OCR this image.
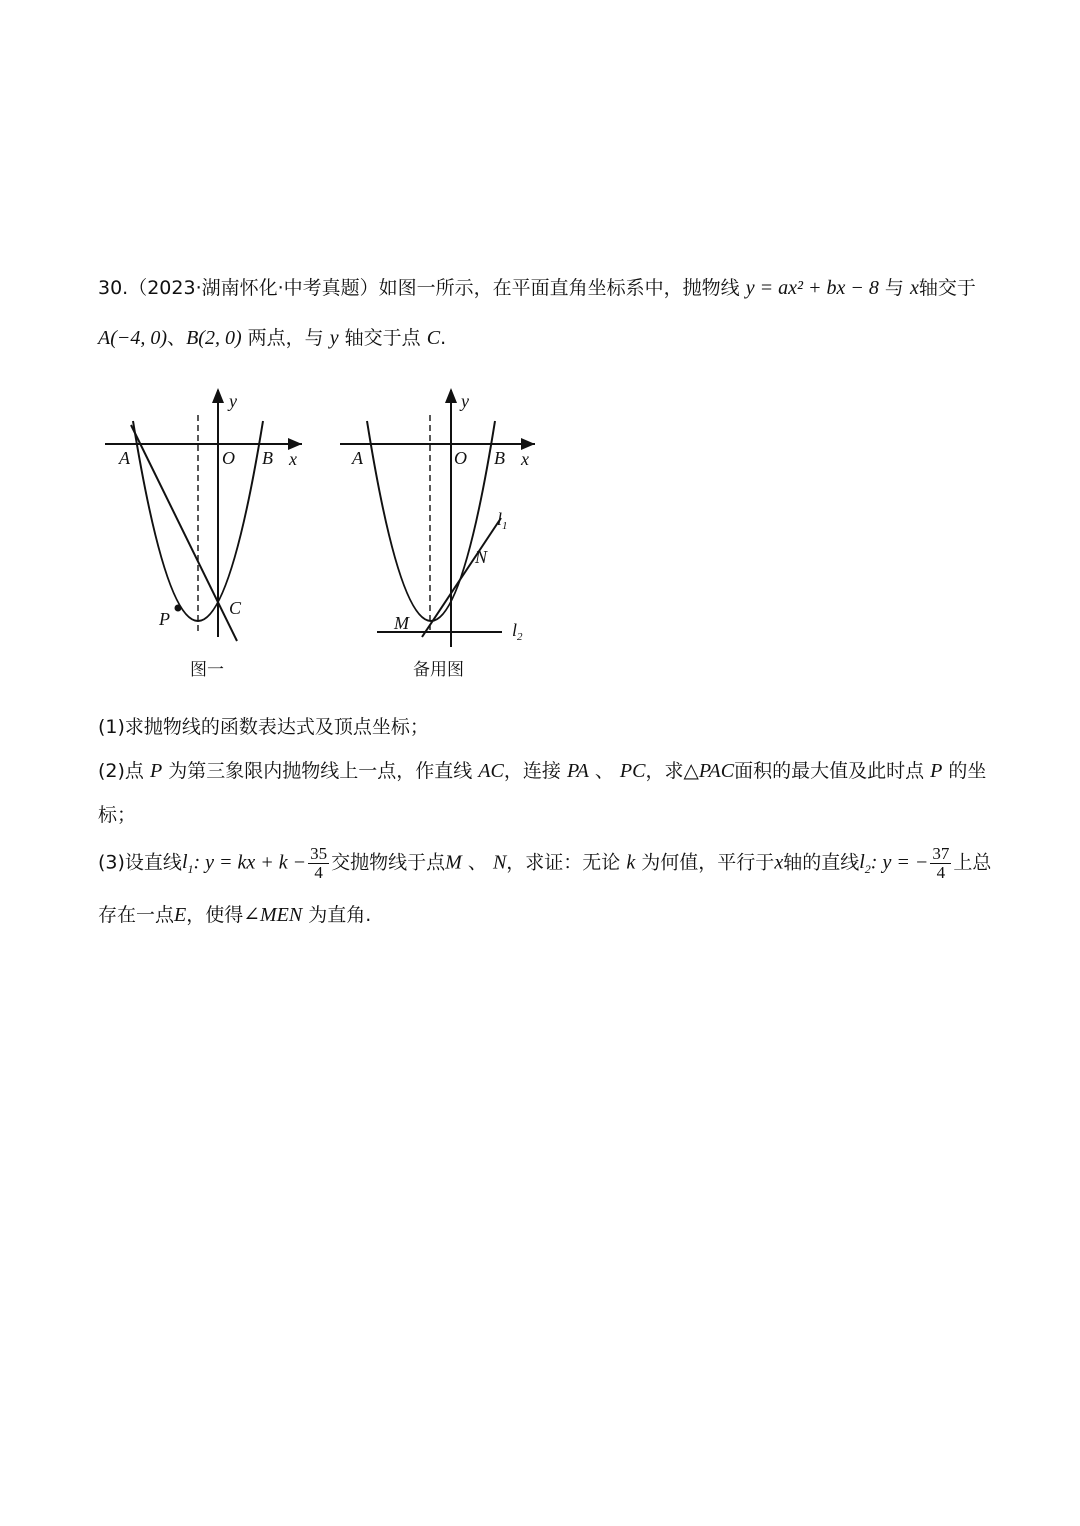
30.（2023·湖南怀化·中考真题）如图一所示，在平面直角坐标系中，抛物线 y = ax² + bx − 8 与 x轴交于
A(−4, 0)、B(2, 0) 两点，与 y 轴交于点 C.
y
x
A	O B
C
P
图一
y
x
A	O B
N
M
$l_1$
$l_2$
备用图
(1)求抛物线的函数表达式及顶点坐标；
(2)点 P 为第三象限内抛物线上一点，作直线 AC，连接 PA 、 PC，求△PAC面积的最大值及此时点 P 的坐
标；
(3)设直线$l_1$: y = kx + $k - \frac{35}{4}$ 交抛物线于点M 、 N，求证：无论 k 为何值，平行于x轴的直线$l_2$: y = − $\frac{37}{4}$ 上总
存在一点E，使得∠MEN 为直角.
